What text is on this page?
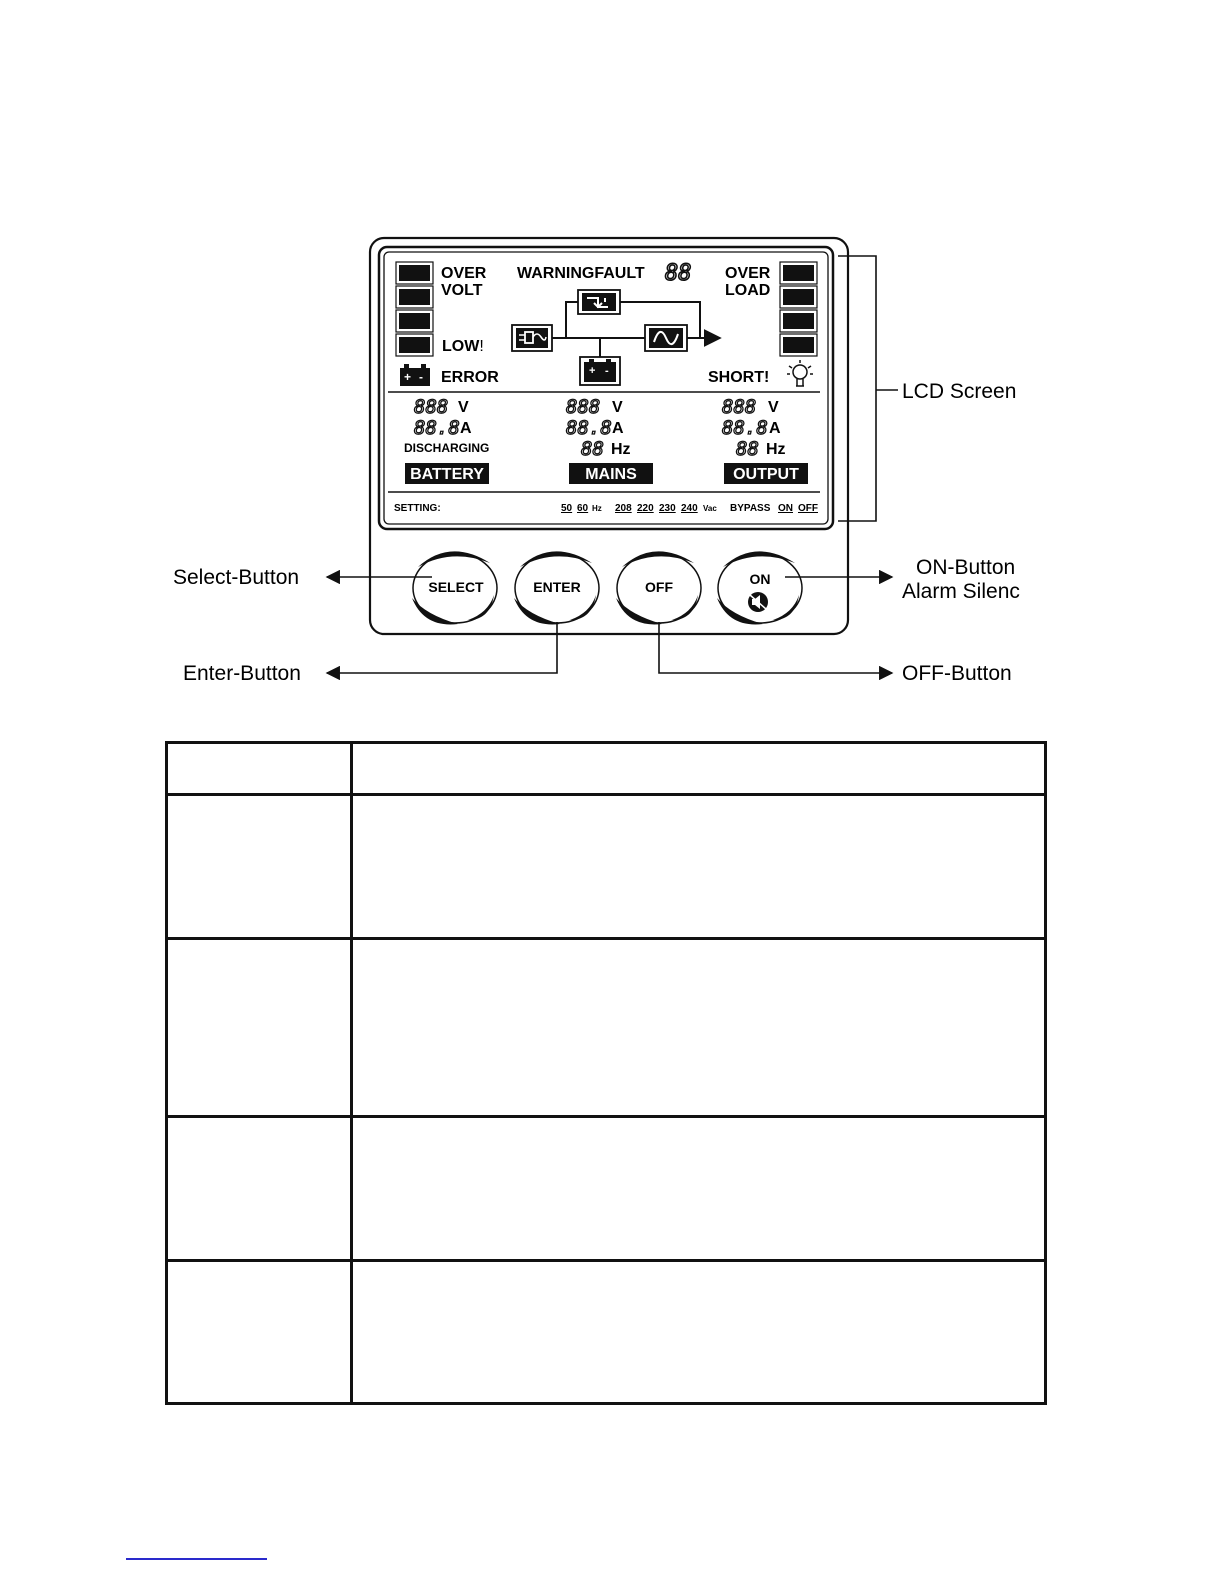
OVER
VOLT
LOW!
WARNINGFAULT 88 OVER
LOAD
+ -
+ - ERROR	SHORT!
888 V
88.8 A
DISCHARGING
BATTERY
888 V
88.8 A
88 Hz
MAINS
888 V
88.8 A
88 Hz
OUTPUT
SETTING:	50 60 Hz 208 220 230 240 Vac BYPASS ON OFF
LCD Screen
SELECT	ENTER	OFF	ON
Select-Button
Enter-Button	OFF-Button
ON-Button
Alarm Silenc
